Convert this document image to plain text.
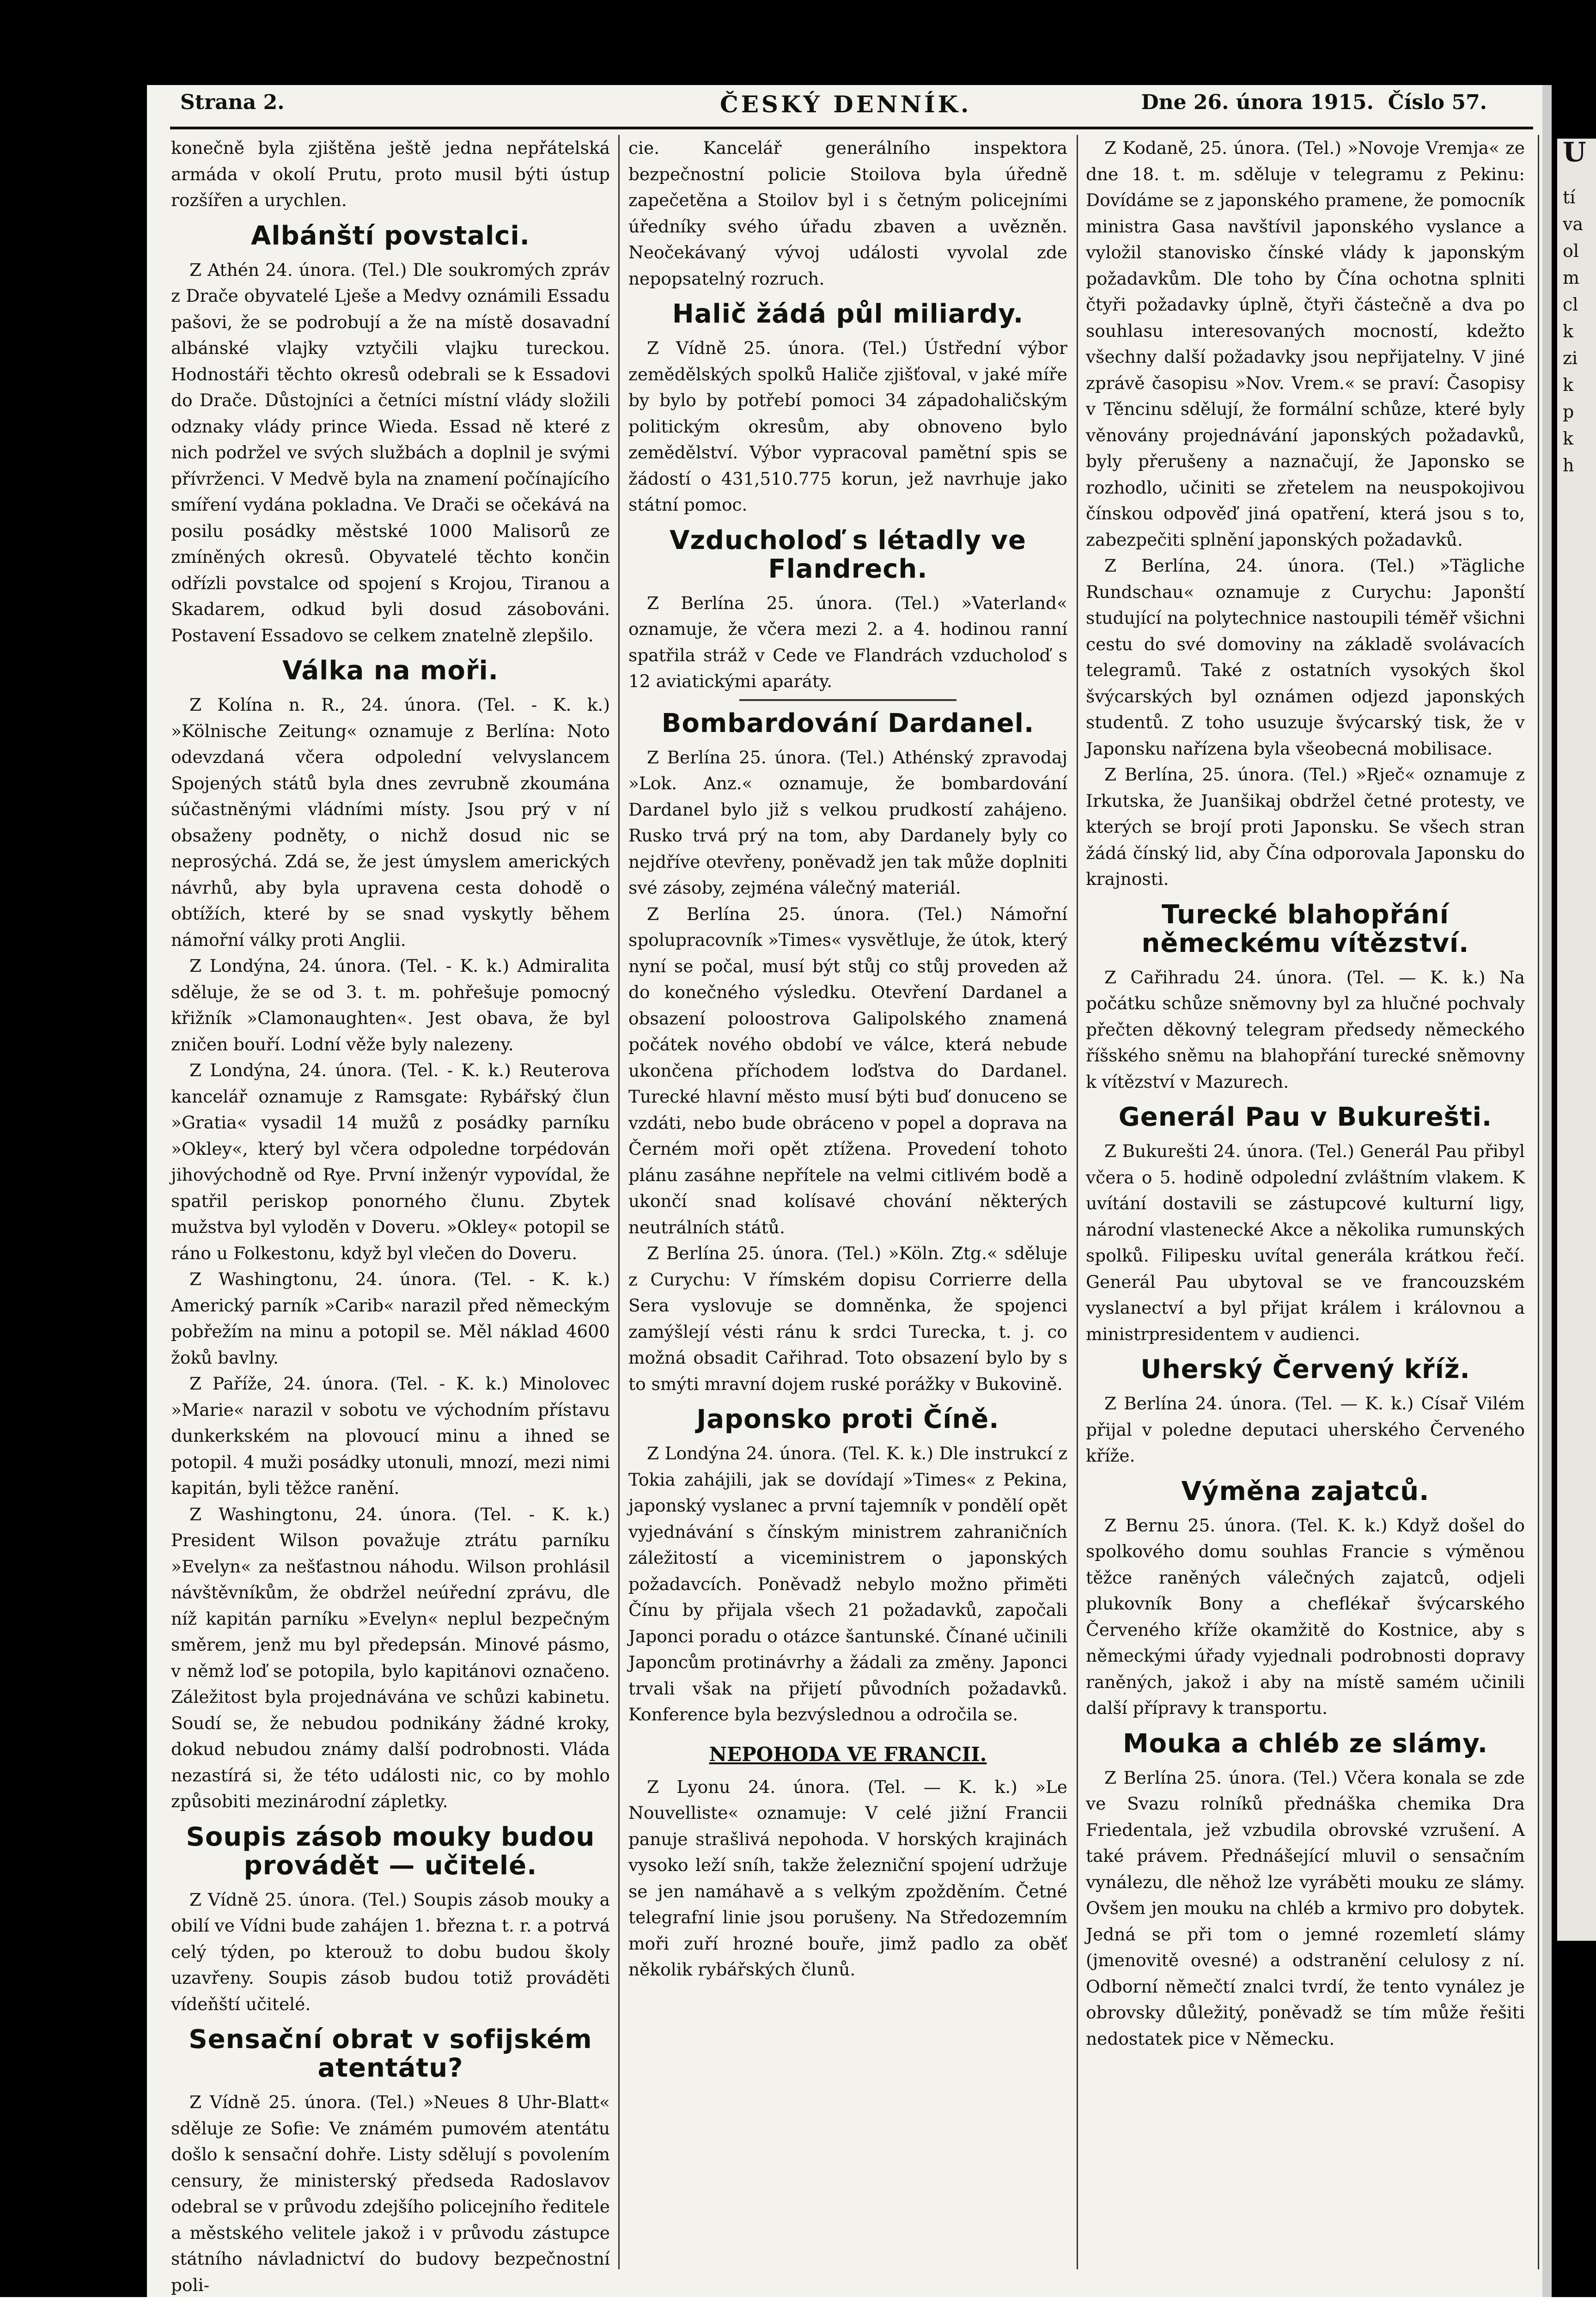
Strana 2.	ČESKÝ DENNÍK.	Dne 26. února 1915. Číslo 57.

konečně byla zjištěna ještě jedna nepřátelská armáda v okolí Prutu, proto musil býti ústup rozšířen a urychlen.

Albánští povstalci.

Z Athén 24. února. (Tel.) Dle soukromých zpráv z Drače obyvatelé Lješe a Medvy oznámili Essadu pašovi, že se podrobují a že na místě dosavadní albánské vlajky vztyčili vlajku tureckou. Hodnostáři těchto okresů odebrali se k Essadovi do Drače. Důstojníci a četníci místní vlády složili odznaky vlády prince Wieda. Essad ně které z nich podržel ve svých službách a doplnil je svými přívrženci. V Medvě byla na znamení počínajícího smíření vydána pokladna. Ve Drači se očekává na posilu posádky městské 1000 Malisorů ze zmíněných okresů. Obyvatelé těchto končin odřízli povstalce od spojení s Krojou, Tiranou a Skadarem, odkud byli dosud zásobováni. Postavení Essadovo se celkem znatelně zlepšilo.

Válka na moři.

Z Kolína n. R., 24. února. (Tel. - K. k.) »Kölnische Zeitung« oznamuje z Berlína: Noto odevzdaná včera odpolední velvyslancem Spojených států byla dnes zevrubně zkoumána súčastněnými vládními místy. Jsou prý v ní obsaženy podněty, o nichž dosud nic se neprosýchá. Zdá se, že jest úmyslem amerických návrhů, aby byla upravena cesta dohodě o obtížích, které by se snad vyskytly během námořní války proti Anglii.

Z Londýna, 24. února. (Tel. - K. k.) Admiralita sděluje, že se od 3. t. m. pohřešuje pomocný křižník »Clamonaughten«. Jest obava, že byl zničen bouří. Lodní věže byly nalezeny.

Z Londýna, 24. února. (Tel. - K. k.) Reuterova kancelář oznamuje z Ramsgate: Rybářský člun »Gratia« vysadil 14 mužů z posádky parníku »Okley«, který byl včera odpoledne torpédován jihovýchodně od Rye. První inženýr vypovídal, že spatřil periskop ponorného člunu. Zbytek mužstva byl vyloděn v Doveru. »Okley« potopil se ráno u Folkestonu, když byl vlečen do Doveru.

Z Washingtonu, 24. února. (Tel. - K. k.) Americký parník »Carib« narazil před německým pobřežím na minu a potopil se. Měl náklad 4600 žoků bavlny.

Z Paříže, 24. února. (Tel. - K. k.) Minolovec »Marie« narazil v sobotu ve východním přístavu dunkerkském na plovoucí minu a ihned se potopil. 4 muži posádky utonuli, mnozí, mezi nimi kapitán, byli těžce ranění.

Z Washingtonu, 24. února. (Tel. - K. k.) President Wilson považuje ztrátu parníku »Evelyn« za nešťastnou náhodu. Wilson prohlásil návštěvníkům, že obdržel neúřední zprávu, dle níž kapitán parníku »Evelyn« neplul bezpečným směrem, jenž mu byl předepsán. Minové pásmo, v němž loď se potopila, bylo kapitánovi označeno. Záležitost byla projednávána ve schůzi kabinetu. Soudí se, že nebudou podnikány žádné kroky, dokud nebudou známy další podrobnosti. Vláda nezastírá si, že této události nic, co by mohlo způsobiti mezinárodní zápletky.

Soupis zásob mouky budou provádět — učitelé.

Z Vídně 25. února. (Tel.) Soupis zásob mouky a obilí ve Vídni bude zahájen 1. března t. r. a potrvá celý týden, po kterouž to dobu budou školy uzavřeny. Soupis zásob budou totiž prováděti vídeňští učitelé.

Sensační obrat v sofijském atentátu?

Z Vídně 25. února. (Tel.) »Neues 8 Uhr-Blatt« sděluje ze Sofie: Ve známém pumovém atentátu došlo k sensační dohře. Listy sdělují s povolením censury, že ministerský předseda Radoslavov odebral se v průvodu zdejšího policejního ředitele a městského velitele jakož i v průvodu zástupce státního návladnictví do budovy bezpečnostní poli-

cie. Kancelář generálního inspektora bezpečnostní policie Stoilova byla úředně zapečetěna a Stoilov byl i s četným policejními úředníky svého úřadu zbaven a uvězněn. Neočekávaný vývoj události vyvolal zde nepopsatelný rozruch.

Halič žádá půl miliardy.

Z Vídně 25. února. (Tel.) Ústřední výbor zemědělských spolků Haliče zjišťoval, v jaké míře by bylo by potřebí pomoci 34 západohaličským politickým okresům, aby obnoveno bylo zemědělství. Výbor vypracoval pamětní spis se žádostí o 431,510.775 korun, jež navrhuje jako státní pomoc.

Vzducholoď s létadly ve Flandrech.

Z Berlína 25. února. (Tel.) »Vaterland« oznamuje, že včera mezi 2. a 4. hodinou ranní spatřila stráž v Cede ve Flandrách vzducholoď s 12 aviatickými aparáty.

Bombardování Dardanel.

Z Berlína 25. února. (Tel.) Athénský zpravodaj »Lok. Anz.« oznamuje, že bombardování Dardanel bylo již s velkou prudkostí zahájeno. Rusko trvá prý na tom, aby Dardanely byly co nejdříve otevřeny, poněvadž jen tak může doplniti své zásoby, zejména válečný materiál.

Z Berlína 25. února. (Tel.) Námořní spolupracovník »Times« vysvětluje, že útok, který nyní se počal, musí být stůj co stůj proveden až do konečného výsledku. Otevření Dardanel a obsazení poloostrova Galipolského znamená počátek nového období ve válce, která nebude ukončena příchodem loďstva do Dardanel. Turecké hlavní město musí býti buď donuceno se vzdáti, nebo bude obráceno v popel a doprava na Černém moři opět ztížena. Provedení tohoto plánu zasáhne nepřítele na velmi citlivém bodě a ukončí snad kolísavé chování některých neutrálních států.

Z Berlína 25. února. (Tel.) »Köln. Ztg.« sděluje z Curychu: V římském dopisu Corrierre della Sera vyslovuje se domněnka, že spojenci zamýšlejí vésti ránu k srdci Turecka, t. j. co možná obsadit Cařihrad. Toto obsazení bylo by s to smýti mravní dojem ruské porážky v Bukovině.

Japonsko proti Číně.

Z Londýna 24. února. (Tel. K. k.) Dle instrukcí z Tokia zahájili, jak se dovídají »Times« z Pekina, japonský vyslanec a první tajemník v pondělí opět vyjednávání s čínským ministrem zahraničních záležitostí a viceministrem o japonských požadavcích. Poněvadž nebylo možno přiměti Čínu by přijala všech 21 požadavků, započali Japonci poradu o otázce šantunské. Čínané učinili Japoncům protinávrhy a žádali za změny. Japonci trvali však na přijetí původních požadavků. Konference byla bezvýslednou a odročila se.

NEPOHODA VE FRANCII.

Z Lyonu 24. února. (Tel. — K. k.) »Le Nouvelliste« oznamuje: V celé jižní Francii panuje strašlivá nepohoda. V horských krajinách vysoko leží sníh, takže železniční spojení udržuje se jen namáhavě a s velkým zpožděním. Četné telegrafní linie jsou porušeny. Na Středozemním moři zuří hrozné bouře, jimž padlo za oběť několik rybářských člunů.

Z Kodaně, 25. února. (Tel.) »Novoje Vremja« ze dne 18. t. m. sděluje v telegramu z Pekinu: Dovídáme se z japonského pramene, že pomocník ministra Gasa navštívil japonského vyslance a vyložil stanovisko čínské vlády k japonským požadavkům. Dle toho by Čína ochotna splniti čtyři požadavky úplně, čtyři částečně a dva po souhlasu interesovaných mocností, kdežto všechny další požadavky jsou nepřijatelny. V jiné zprávě časopisu »Nov. Vrem.« se praví: Časopisy v Těncinu sdělují, že formální schůze, které byly věnovány projednávání japonských požadavků, byly přerušeny a naznačují, že Japonsko se rozhodlo, učiniti se zřetelem na neuspokojivou čínskou odpověď jiná opatření, která jsou s to, zabezpečiti splnění japonských požadavků.

Z Berlína, 24. února. (Tel.) »Tägliche Rundschau« oznamuje z Curychu: Japonští studující na polytechnice nastoupili téměř všichni cestu do své domoviny na základě svolávacích telegramů. Také z ostatních vysokých škol švýcarských byl oznámen odjezd japonských studentů. Z toho usuzuje švýcarský tisk, že v Japonsku nařízena byla všeobecná mobilisace.

Z Berlína, 25. února. (Tel.) »Rječ« oznamuje z Irkutska, že Juanšikaj obdržel četné protesty, ve kterých se brojí proti Japonsku. Se všech stran žádá čínský lid, aby Čína odporovala Japonsku do krajnosti.

Turecké blahopřání německému vítězství.

Z Cařihradu 24. února. (Tel. — K. k.) Na počátku schůze sněmovny byl za hlučné pochvaly přečten děkovný telegram předsedy německého říšského sněmu na blahopřání turecké sněmovny k vítězství v Mazurech.

Generál Pau v Bukurešti.

Z Bukurešti 24. února. (Tel.) Generál Pau přibyl včera o 5. hodině odpolední zvláštním vlakem. K uvítání dostavili se zástupcové kulturní ligy, národní vlastenecké Akce a několika rumunských spolků. Filipesku uvítal generála krátkou řečí. Generál Pau ubytoval se ve francouzském vyslanectví a byl přijat králem i královnou a ministrpresidentem v audienci.

Uherský Červený kříž.

Z Berlína 24. února. (Tel. — K. k.) Císař Vilém přijal v poledne deputaci uherského Červeného kříže.

Výměna zajatců.

Z Bernu 25. února. (Tel. K. k.) Když došel do spolkového domu souhlas Francie s výměnou těžce raněných válečných zajatců, odjeli plukovník Bony a cheflékař švýcarského Červeného kříže okamžitě do Kostnice, aby s německými úřady vyjednali podrobnosti dopravy raněných, jakož i aby na místě samém učinili další přípravy k transportu.

Mouka a chléb ze slámy.

Z Berlína 25. února. (Tel.) Včera konala se zde ve Svazu rolníků přednáška chemika Dra Friedentala, jež vzbudila obrovské vzrušení. A také právem. Přednášející mluvil o sensačním vynálezu, dle něhož lze vyráběti mouku ze slámy. Ovšem jen mouku na chléb a krmivo pro dobytek. Jedná se při tom o jemné rozemletí slámy (jmenovitě ovesné) a odstranění celulosy z ní. Odborní němečtí znalci tvrdí, že tento vynález je obrovsky důležitý, poněvadž se tím může řešiti nedostatek pice v Německu.

U
tí
va
ol
m
cl
k
zi
k
p
k
h
